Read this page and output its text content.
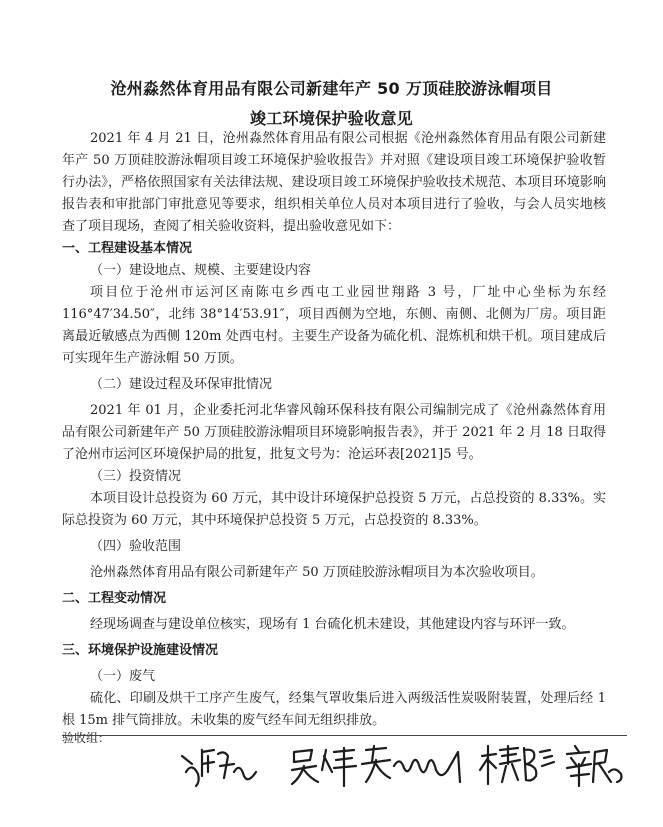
沧州淼然体育用品有限公司新建年产 50 万顶硅胶游泳帽项目
竣工环境保护验收意见

2021 年 4 月 21 日，沧州淼然体育用品有限公司根据《沧州淼然体育用品有限公司新建年产 50 万顶硅胶游泳帽项目竣工环境保护验收报告》并对照《建设项目竣工环境保护验收暂行办法》，严格依照国家有关法律法规、建设项目竣工环境保护验收技术规范、本项目环境影响报告表和审批部门审批意见等要求，组织相关单位人员对本项目进行了验收，与会人员实地核查了项目现场，查阅了相关验收资料，提出验收意见如下：

一、工程建设基本情况

（一）建设地点、规模、主要建设内容

项目位于沧州市运河区南陈屯乡西屯工业园世翔路 3 号，厂址中心坐标为东经 116°47′34.50″，北纬 38°14′53.91″，项目西侧为空地，东侧、南侧、北侧为厂房。项目距离最近敏感点为西侧 120m 处西屯村。主要生产设备为硫化机、混炼机和烘干机。项目建成后可实现年生产游泳帽 50 万顶。

（二）建设过程及环保审批情况

2021 年 01 月，企业委托河北华睿风翰环保科技有限公司编制完成了《沧州淼然体育用品有限公司新建年产 50 万顶硅胶游泳帽项目环境影响报告表》，并于 2021 年 2 月 18 日取得了沧州市运河区环境保护局的批复，批复文号为：沧运环表[2021]5 号。

（三）投资情况

本项目设计总投资为 60 万元，其中设计环境保护总投资 5 万元，占总投资的 8.33%。实际总投资为 60 万元，其中环境保护总投资 5 万元，占总投资的 8.33%。

（四）验收范围

沧州淼然体育用品有限公司新建年产 50 万顶硅胶游泳帽项目为本次验收项目。

二、工程变动情况

经现场调查与建设单位核实，现场有 1 台硫化机未建设，其他建设内容与环评一致。

三、环境保护设施建设情况

（一）废气

硫化、印刷及烘干工序产生废气，经集气罩收集后进入两级活性炭吸附装置，处理后经 1 根 15m 排气筒排放。未收集的废气经车间无组织排放。

验收组：
